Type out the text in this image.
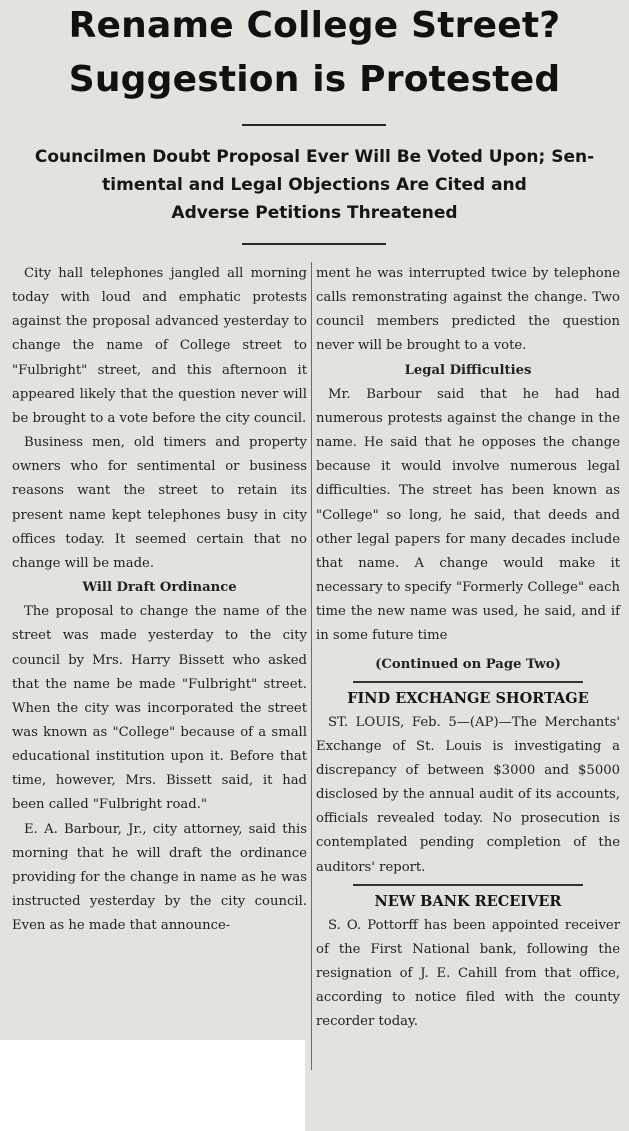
Rename College Street?
Suggestion is Protested
Councilmen Doubt Proposal Ever Will Be Voted Upon; Sen-
timental and Legal Objections Are Cited and
Adverse Petitions Threatened

City hall telephones jangled all morning today with loud and emphatic protests against the proposal advanced yesterday to change the name of College street to "Fulbright" street, and this afternoon it appeared likely that the question never will be brought to a vote before the city council.

Business men, old timers and property owners who for sentimental or business reasons want the street to retain its present name kept telephones busy in city offices today. It seemed certain that no change will be made.

Will Draft Ordinance

The proposal to change the name of the street was made yesterday to the city council by Mrs. Harry Bissett who asked that the name be made "Fulbright" street. When the city was incorporated the street was known as "College" because of a small educational institution upon it. Before that time, however, Mrs. Bissett said, it had been called "Fulbright road."

E. A. Barbour, Jr., city attorney, said this morning that he will draft the ordinance providing for the change in name as he was instructed yesterday by the city council. Even as he made that announce-

ment he was interrupted twice by telephone calls remonstrating against the change. Two council members predicted the question never will be brought to a vote.

Legal Difficulties

Mr. Barbour said that he had had numerous protests against the change in the name. He said that he opposes the change because it would involve numerous legal difficulties. The street has been known as "College" so long, he said, that deeds and other legal papers for many decades include that name. A change would make it necessary to specify "Formerly College" each time the new name was used, he said, and if in some future time

(Continued on Page Two)

FIND EXCHANGE SHORTAGE

ST. LOUIS, Feb. 5—(AP)—The Merchants' Exchange of St. Louis is investigating a discrepancy of between $3000 and $5000 disclosed by the annual audit of its accounts, officials revealed today. No prosecution is contemplated pending completion of the auditors' report.

NEW BANK RECEIVER

S. O. Pottorff has been appointed receiver of the First National bank, following the resignation of J. E. Cahill from that office, according to notice filed with the county recorder today.
